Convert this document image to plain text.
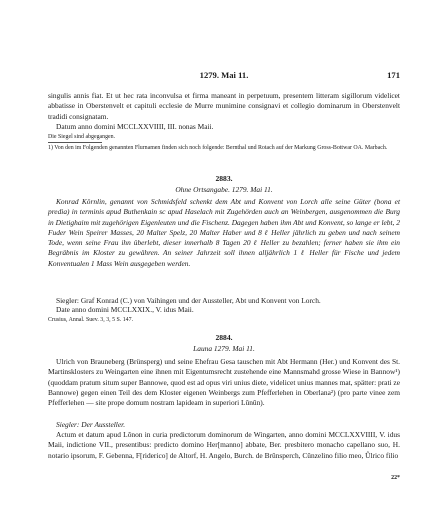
1279. Mai 11.	171
singulis annis fiat. Et ut hec rata inconvulsa et firma maneant in perpetuum, presentem litteram sigillorum videlicet abbatisse in Oberstenvelt et capituli ecclesie de Murre munimine consignavi et collegio dominarum in Oberstenvelt tradidi consignatam.
Datum anno domini MCCLXXVIIII, III. nonas Maii.
Die Siegel sind abgegangen.
1) Von den im Folgenden genannten Flurnamen finden sich noch folgende: Bernthal und Rotach auf der Markung Gross-Bottwar OA. Marbach.
2883.
Ohne Ortsangabe. 1279. Mai 11.
Konrad Körnlin, genannt von Schmidsfeld schenkt dem Abt und Konvent von Lorch alle seine Güter (bona et predia) in terminis apud Buthenkain sc apud Haselach mit Zugehörden auch an Weinbergen, ausgenommen die Burg in Dietighaim mit zugehörigen Eigenleuten und die Fischenz. Dagegen haben ihm Abt und Konvent, so lange er lebt, 2 Fuder Wein Speirer Masses, 20 Malter Spelz, 20 Malter Haber und 8 ℓ Heller jährlich zu geben und nach seinem Tode, wenn seine Frau ihn überlebt, dieser innerhalb 8 Tagen 20 ℓ Heller zu bezahlen; ferner haben sie ihm ein Begräbnis im Kloster zu gewähren. An seiner Jahrzeit soll ihnen alljährlich 1 ℓ Heller für Fische und jedem Konventualen 1 Mass Wein ausgegeben werden.
Siegler: Graf Konrad (C.) von Vaihingen und der Aussteller, Abt und Konvent von Lorch.
Date anno domini MCCLXXIX., V. idus Maii.
Crusius, Annal. Suev. 3, 3, 5 S. 147.
2884.
Launa 1279. Mai 11.
Ulrich von Brauneberg (Brünsperg) und seine Ehefrau Gesa tauschen mit Abt Hermann (Her.) und Konvent des St. Martinsklosters zu Weingarten eine ihnen mit Eigentumsrecht zustehende eine Mannsmahd grosse Wiese in Bannow¹) (quoddam pratum situm super Bannowe, quod est ad opus viri unius diete, videlicet unius mannes mat, spätter: prati ze Bannowe) gegen einen Teil des dem Kloster eigenen Weinbergs zum Pfefferlehen in Oberlana²) (pro parte vinee zem Pfefferlehen — site prope domum nostram lapideam in superiori Lûnûn).
Siegler: Der Aussteller.
Actum et datum apud Lônon in curia predictorum dominorum de Wingarten, anno domini MCCLXXVIIII, V. idus Maii, indictione VII., presentibus: predicto domino Her[manno] abbate, Ber. presbitero monacho capellano suo, H. notario ipsorum, F. Gebenna, F[riderico] de Altorf, H. Angelo, Burch. de Brûnsperch, Cûnzelino filio meo, Ûlrico filio
22*
